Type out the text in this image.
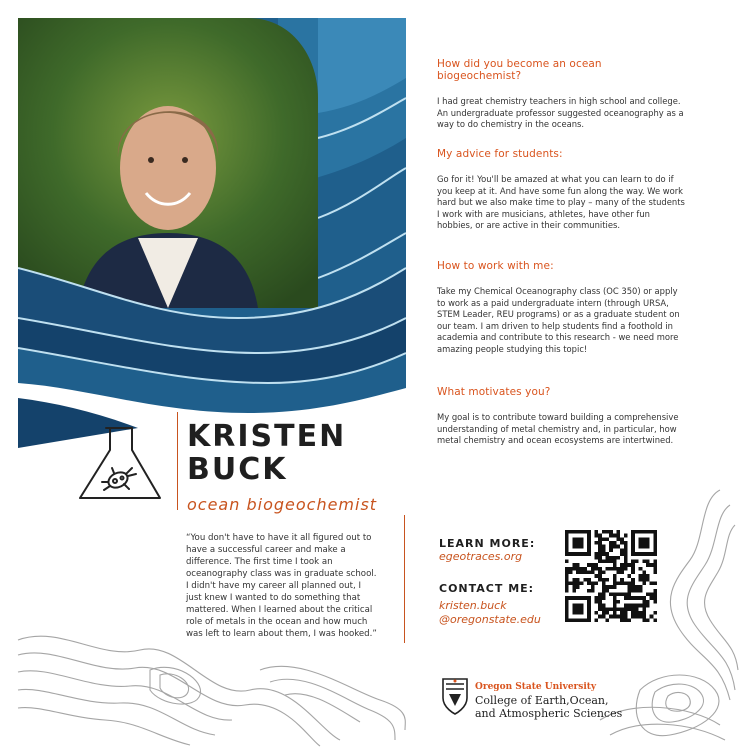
How did you become an ocean biogeochemist?

I had great chemistry teachers in high school and college. An undergraduate professor suggested oceanography as a way to do chemistry in the oceans.

My advice for students:

Go for it! You'll be amazed at what you can learn to do if you keep at it. And have some fun along the way. We work hard but we also make time to play – many of the students I work with are musicians, athletes, have other fun hobbies, or are active in their communities.

How to work with me:

Take my Chemical Oceanography class (OC 350) or apply to work as a paid undergraduate intern (through URSA, STEM Leader, REU programs) or as a graduate student on our team. I am driven to help students find a foothold in academia and contribute to this research - we need more amazing people studying this topic!

What motivates you?

My goal is to contribute toward building a comprehensive understanding of metal chemistry and, in particular, how metal chemistry and ocean ecosystems are intertwined.

KRISTEN
BUCK
ocean biogeochemist
“You don't have to have it all figured out to have a successful career and make a difference. The first time I took an oceanography class was in graduate school. I didn't have my career all planned out, I just knew I wanted to do something that mattered. When I learned about the critical role of metals in the ocean and how much was left to learn about them, I was hooked.”
LEARN MORE:
egeotraces.org
CONTACT ME:
kristen.buck
@oregonstate.edu
Oregon State University
College of Earth,Ocean,
and Atmospheric Sciences
